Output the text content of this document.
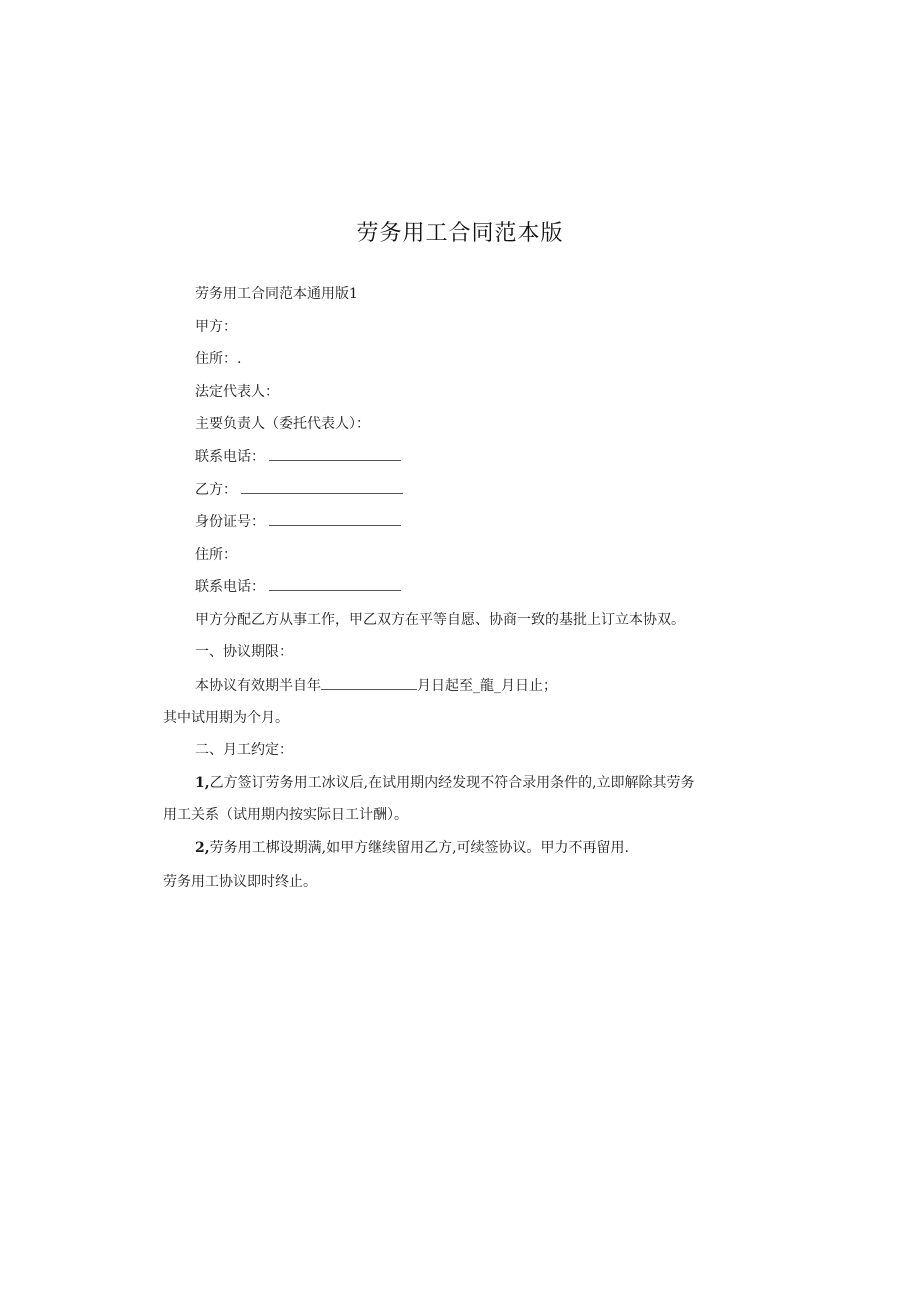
劳务用工合同范本版
劳务用工合同范本通用版1
甲方：
住所：.
法定代表人：
主要负责人（委托代表人）：
联系电话：
乙方：
身份证号：
住所：
联系电话：
甲方分配乙方从事工作，甲乙双方在平等自愿、协商一致的基批上订立本协双。
一、协议期限：
本协议有效期半自年	月日起至_龍_月日止；
其中试用期为个月。
二、月工约定：
1,乙方签订劳务用工冰议后,在试用期内经发现不符合录用条件的,立即解除其劳务
用工关系（试用期内按实际日工计酬）。
2,劳务用工梆设期满,如甲方继续留用乙方,可续签协议。甲力不再留用.
劳务用工协议即时终止。
